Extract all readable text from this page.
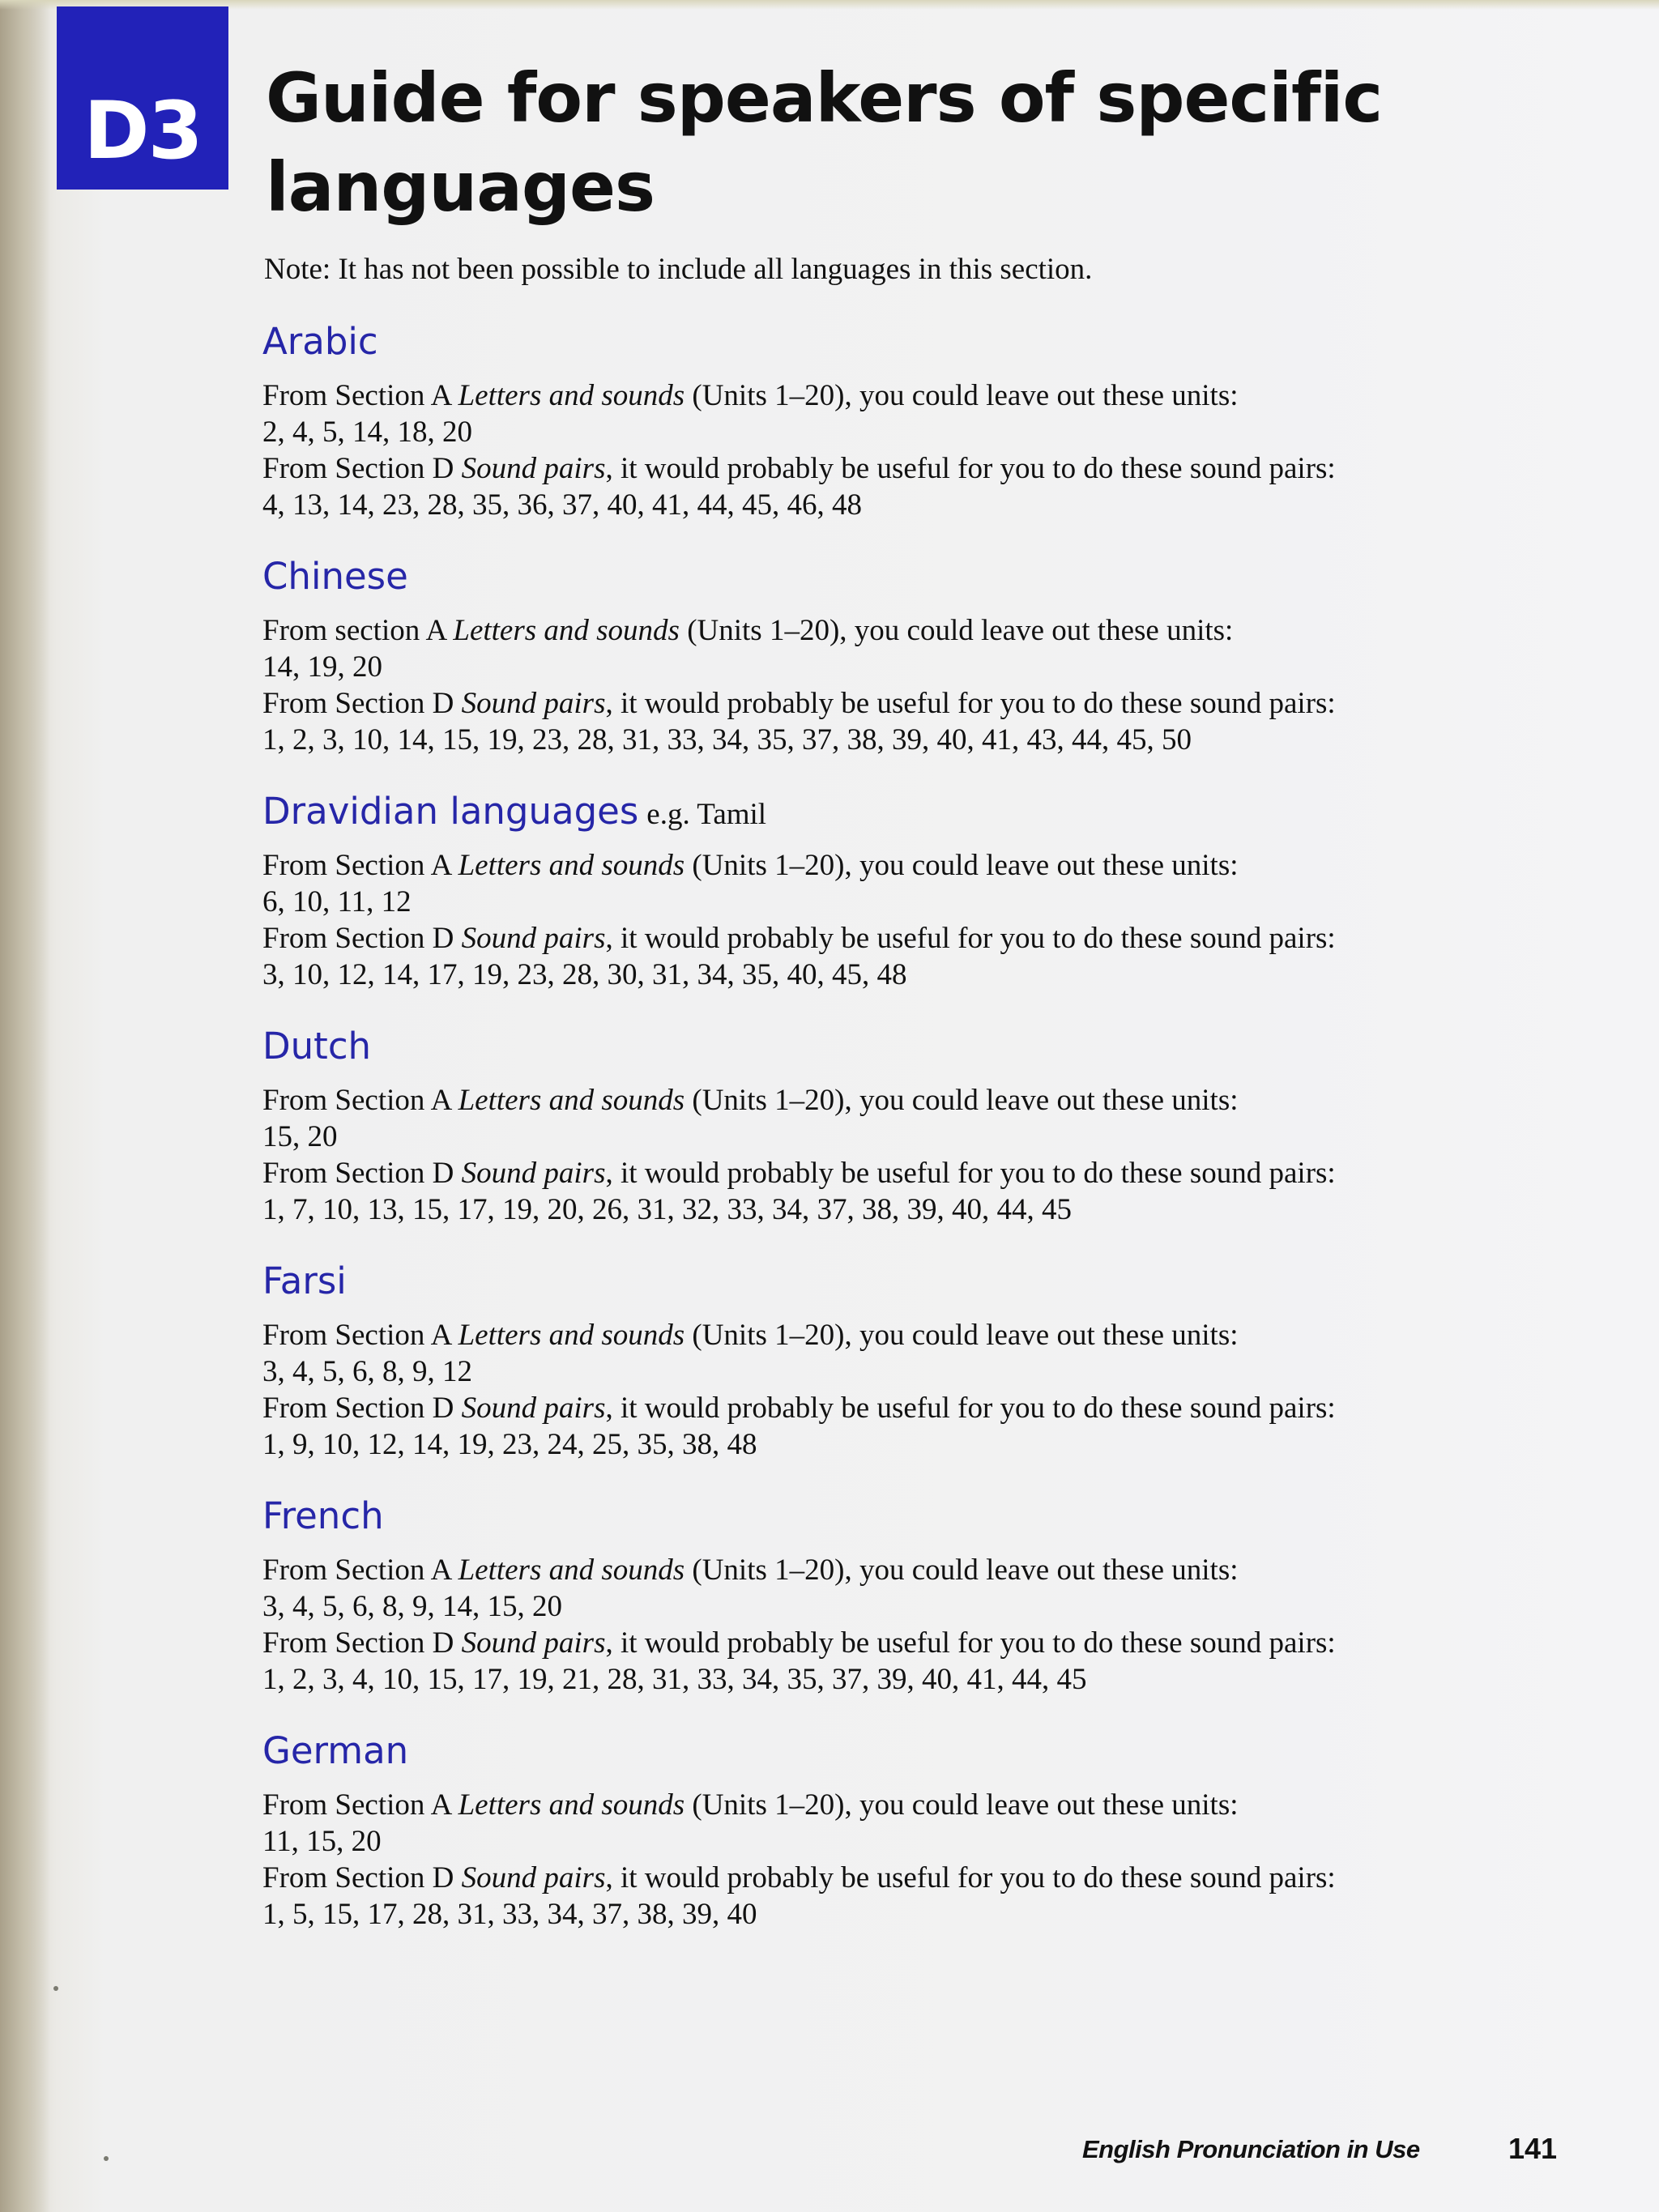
D3 Guide for speakers of specific
languages
Note: It has not been possible to include all languages in this section.
Arabic
From Section A Letters and sounds (Units 1–20), you could leave out these units:
2, 4, 5, 14, 18, 20
From Section D Sound pairs, it would probably be useful for you to do these sound pairs:
4, 13, 14, 23, 28, 35, 36, 37, 40, 41, 44, 45, 46, 48
Chinese
From section A Letters and sounds (Units 1–20), you could leave out these units:
14, 19, 20
From Section D Sound pairs, it would probably be useful for you to do these sound pairs:
1, 2, 3, 10, 14, 15, 19, 23, 28, 31, 33, 34, 35, 37, 38, 39, 40, 41, 43, 44, 45, 50
Dravidian languages e.g. Tamil
From Section A Letters and sounds (Units 1–20), you could leave out these units:
6, 10, 11, 12
From Section D Sound pairs, it would probably be useful for you to do these sound pairs:
3, 10, 12, 14, 17, 19, 23, 28, 30, 31, 34, 35, 40, 45, 48
Dutch
From Section A Letters and sounds (Units 1–20), you could leave out these units:
15, 20
From Section D Sound pairs, it would probably be useful for you to do these sound pairs:
1, 7, 10, 13, 15, 17, 19, 20, 26, 31, 32, 33, 34, 37, 38, 39, 40, 44, 45
Farsi
From Section A Letters and sounds (Units 1–20), you could leave out these units:
3, 4, 5, 6, 8, 9, 12
From Section D Sound pairs, it would probably be useful for you to do these sound pairs:
1, 9, 10, 12, 14, 19, 23, 24, 25, 35, 38, 48
French
From Section A Letters and sounds (Units 1–20), you could leave out these units:
3, 4, 5, 6, 8, 9, 14, 15, 20
From Section D Sound pairs, it would probably be useful for you to do these sound pairs:
1, 2, 3, 4, 10, 15, 17, 19, 21, 28, 31, 33, 34, 35, 37, 39, 40, 41, 44, 45
German
From Section A Letters and sounds (Units 1–20), you could leave out these units:
11, 15, 20
From Section D Sound pairs, it would probably be useful for you to do these sound pairs:
1, 5, 15, 17, 28, 31, 33, 34, 37, 38, 39, 40
English Pronunciation in Use	141
